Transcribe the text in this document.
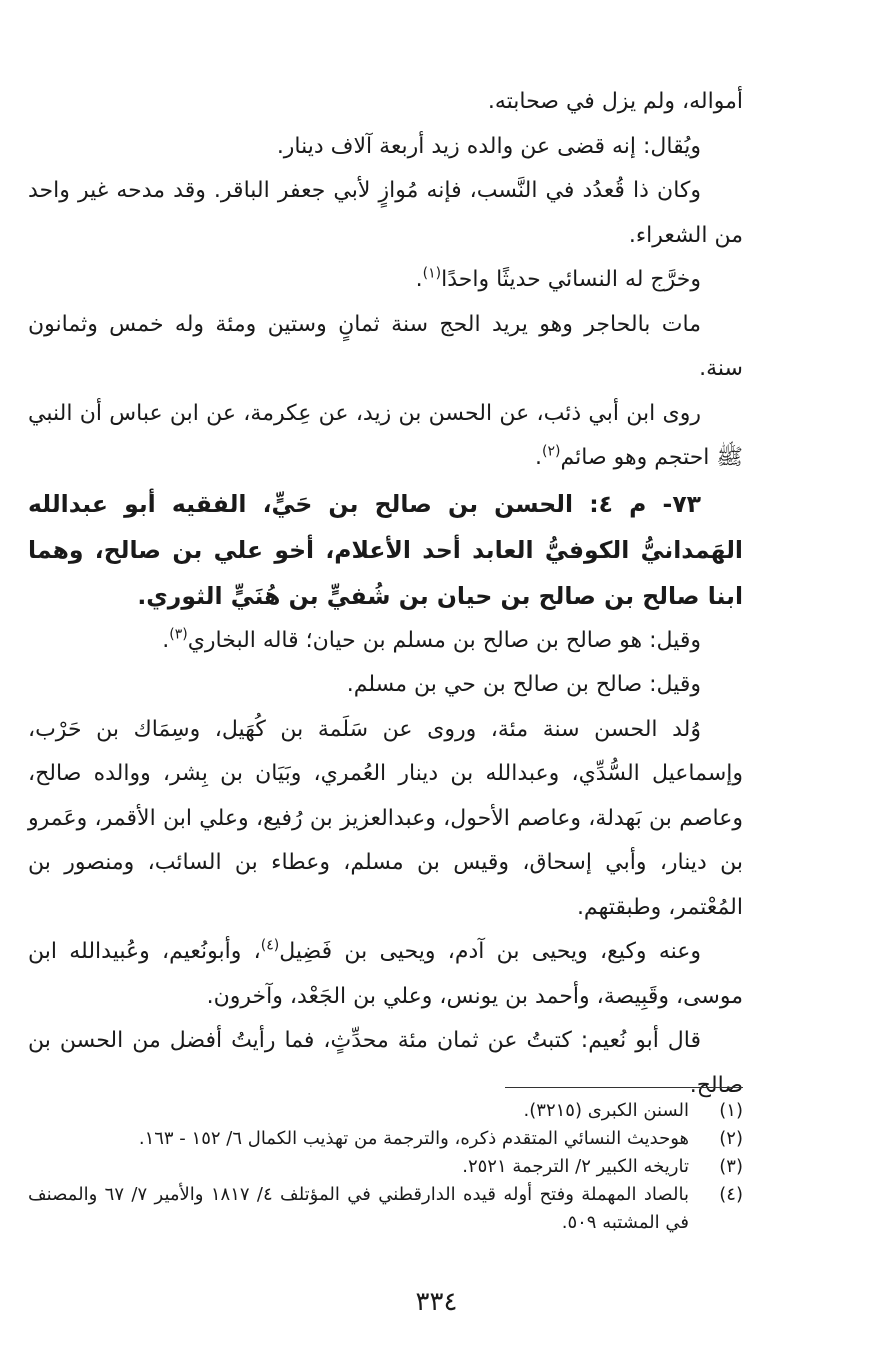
أمواله، ولم يزل في صحابته.

ويُقال: إنه قضى عن والده زيد أربعة آلاف دينار.

وكان ذا قُعدُد في النَّسب، فإنه مُوازٍ لأبي جعفر الباقر. وقد مدحه غير واحد من الشعراء.

وخرَّج له النسائي حديثًا واحدًا$^{(١)}$.

مات بالحاجر وهو يريد الحج سنة ثمانٍ وستين ومئة وله خمس وثمانون سنة.

روى ابن أبي ذئب، عن الحسن بن زيد، عن عِكرمة، عن ابن عباس أن النبي ﷺ احتجم وهو صائم$^{(٢)}$.

٧٣- م ٤: الحسن بن صالح بن حَيٍّ، الفقيه أبو عبدالله الهَمدانيُّ الكوفيُّ العابد أحد الأعلام، أخو علي بن صالح، وهما ابنا صالح بن صالح بن حيان بن شُفيٍّ بن هُنَيٍّ الثوري.

وقيل: هو صالح بن صالح بن مسلم بن حيان؛ قاله البخاري$^{(٣)}$.

وقيل: صالح بن صالح بن حي بن مسلم.

وُلد الحسن سنة مئة، وروى عن سَلَمة بن كُهَيل، وسِمَاك بن حَرْب، وإسماعيل السُّدِّي، وعبدالله بن دينار العُمري، وبَيَان بن بِشر، ووالده صالح، وعاصم بن بَهدلة، وعاصم الأحول، وعبدالعزيز بن رُفيع، وعلي ابن الأقمر، وعَمرو بن دينار، وأبي إسحاق، وقيس بن مسلم، وعطاء بن السائب، ومنصور بن المُعْتمر، وطبقتهم.

وعنه وكيع، ويحيى بن آدم، ويحيى بن فَضِيل$^{(٤)}$، وأبونُعيم، وعُبيدالله ابن موسى، وقَبِيصة، وأحمد بن يونس، وعلي بن الجَعْد، وآخرون.

قال أبو نُعيم: كتبتُ عن ثمان مئة محدِّثٍ، فما رأيتُ أفضل من الحسن بن صالح.

(١)
السنن الكبرى (٣٢١٥).
(٢)
هوحديث النسائي المتقدم ذكره، والترجمة من تهذيب الكمال ٦/ ١٥٢ - ١٦٣.
(٣)
تاريخه الكبير ٢/ الترجمة ٢٥٢١.
(٤)
بالصاد المهملة وفتح أوله قيده الدارقطني في المؤتلف ٤/ ١٨١٧ والأمير ٧/ ٦٧ والمصنف في المشتبه ٥٠٩.
٣٣٤
